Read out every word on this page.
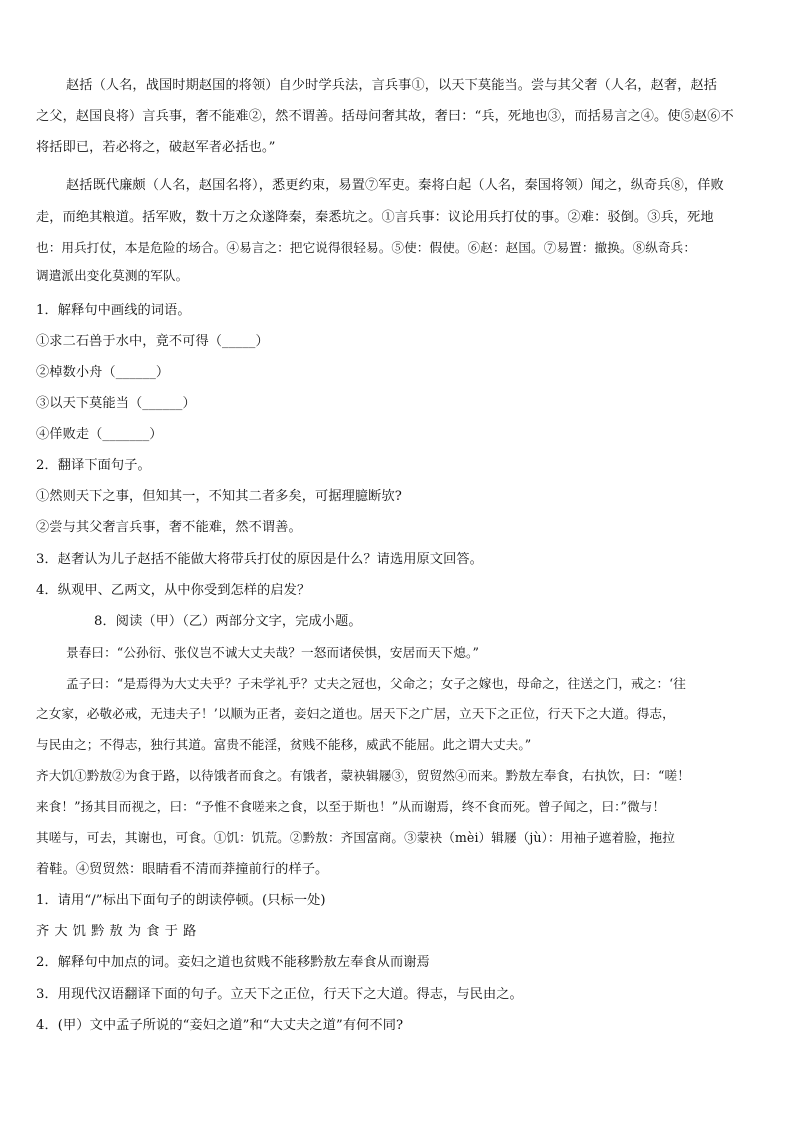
赵括（人名，战国时期赵国的将领）自少时学兵法，言兵事①，以天下莫能当。尝与其父奢（人名，赵奢，赵括
之父，赵国良将）言兵事，奢不能难②，然不谓善。括母问奢其故，奢曰：“兵，死地也③，而括易言之④。使⑤赵⑥不
将括即已，若必将之，破赵军者必括也。”
赵括既代廉颇（人名，赵国名将），悉更约束，易置⑦军吏。秦将白起（人名，秦国将领）闻之，纵奇兵⑧，佯败
走，而绝其粮道。括军败，数十万之众遂降秦，秦悉坑之。①言兵事：议论用兵打仗的事。②难：驳倒。③兵，死地
也：用兵打仗，本是危险的场合。④易言之：把它说得很轻易。⑤使：假使。⑥赵：赵国。⑦易置：撤换。⑧纵奇兵：
调遣派出变化莫测的军队。
1．解释句中画线的词语。
①求二石兽于水中，竟不可得（_____）
②棹数小舟（______）
③以天下莫能当（______）
④佯败走（_______）
2．翻译下面句子。
①然则天下之事，但知其一，不知其二者多矣，可据理臆断欤?
②尝与其父奢言兵事，奢不能难，然不谓善。
3．赵奢认为儿子赵括不能做大将带兵打仗的原因是什么？请选用原文回答。
4．纵观甲、乙两文，从中你受到怎样的启发？
8．阅读（甲）（乙）两部分文字，完成小题。
景春曰：“公孙衍、张仪岂不诚大丈夫哉？一怒而诸侯惧，安居而天下熄。”
孟子曰：“是焉得为大丈夫乎？子未学礼乎？丈夫之冠也，父命之；女子之嫁也，母命之，往送之门，戒之：‘往
之女家，必敬必戒，无违夫子！’以顺为正者，妾妇之道也。居天下之广居，立天下之正位，行天下之大道。得志，
与民由之；不得志，独行其道。富贵不能淫，贫贱不能移，威武不能屈。此之谓大丈夫。”
齐大饥①黔敖②为食于路，以待饿者而食之。有饿者，蒙袂辑屦③，贸贸然④而来。黔敖左奉食，右执饮，曰：“嗟！
来食！”扬其目而视之，曰：“予惟不食嗟来之食，以至于斯也！”从而谢焉，终不食而死。曾子闻之，曰：”微与！
其嗟与，可去，其谢也，可食。①饥：饥荒。②黔敖：齐国富商。③蒙袂（mèi）辑屦（jù）：用袖子遮着脸，拖拉
着鞋。④贸贸然：眼睛看不清而莽撞前行的样子。
1．请用“/”标出下面句子的朗读停顿。(只标一处)
齐大饥黔敖为食于路
2．解释句中加点的词。妾妇之道也贫贱不能移黔敖左奉食从而谢焉
3．用现代汉语翻译下面的句子。立天下之正位，行天下之大道。得志，与民由之。
4．(甲）文中孟子所说的“妾妇之道”和“大丈夫之道”有何不同?
